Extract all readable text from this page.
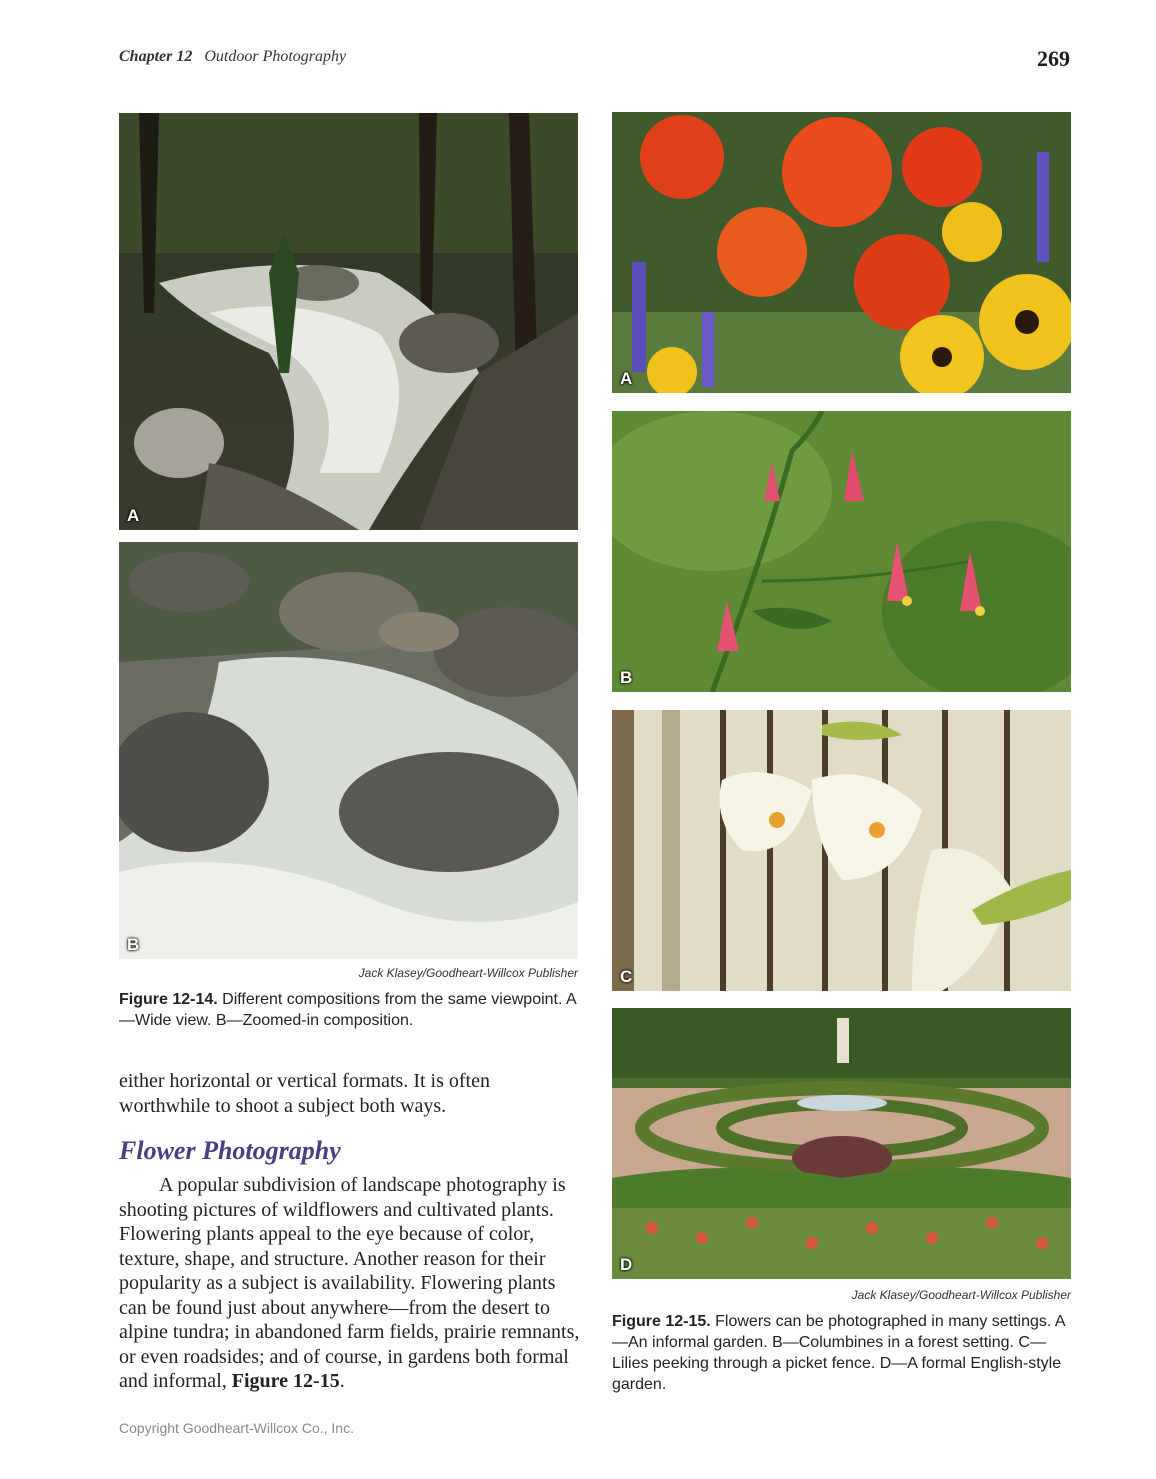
Chapter 12 Outdoor Photography	269
A
B
Jack Klasey/Goodheart-Willcox Publisher
Figure 12-14. Different compositions from the same viewpoint. A—Wide view. B—Zoomed-in composition.
either horizontal or vertical formats. It is often worthwhile to shoot a subject both ways.
Flower Photography
A popular subdivision of landscape photography is shooting pictures of wildflowers and cultivated plants. Flowering plants appeal to the eye because of color, texture, shape, and structure. Another reason for their popularity as a subject is availability. Flowering plants can be found just about anywhere—from the desert to alpine tundra; in abandoned farm fields, prairie remnants, or even roadsides; and of course, in gardens both formal and informal, Figure 12-15.
A
B
C
D
Jack Klasey/Goodheart-Willcox Publisher
Figure 12-15. Flowers can be photographed in many settings. A—An informal garden. B—Columbines in a forest setting. C—Lilies peeking through a picket fence. D—A formal English-style garden.
Copyright Goodheart-Willcox Co., Inc.
